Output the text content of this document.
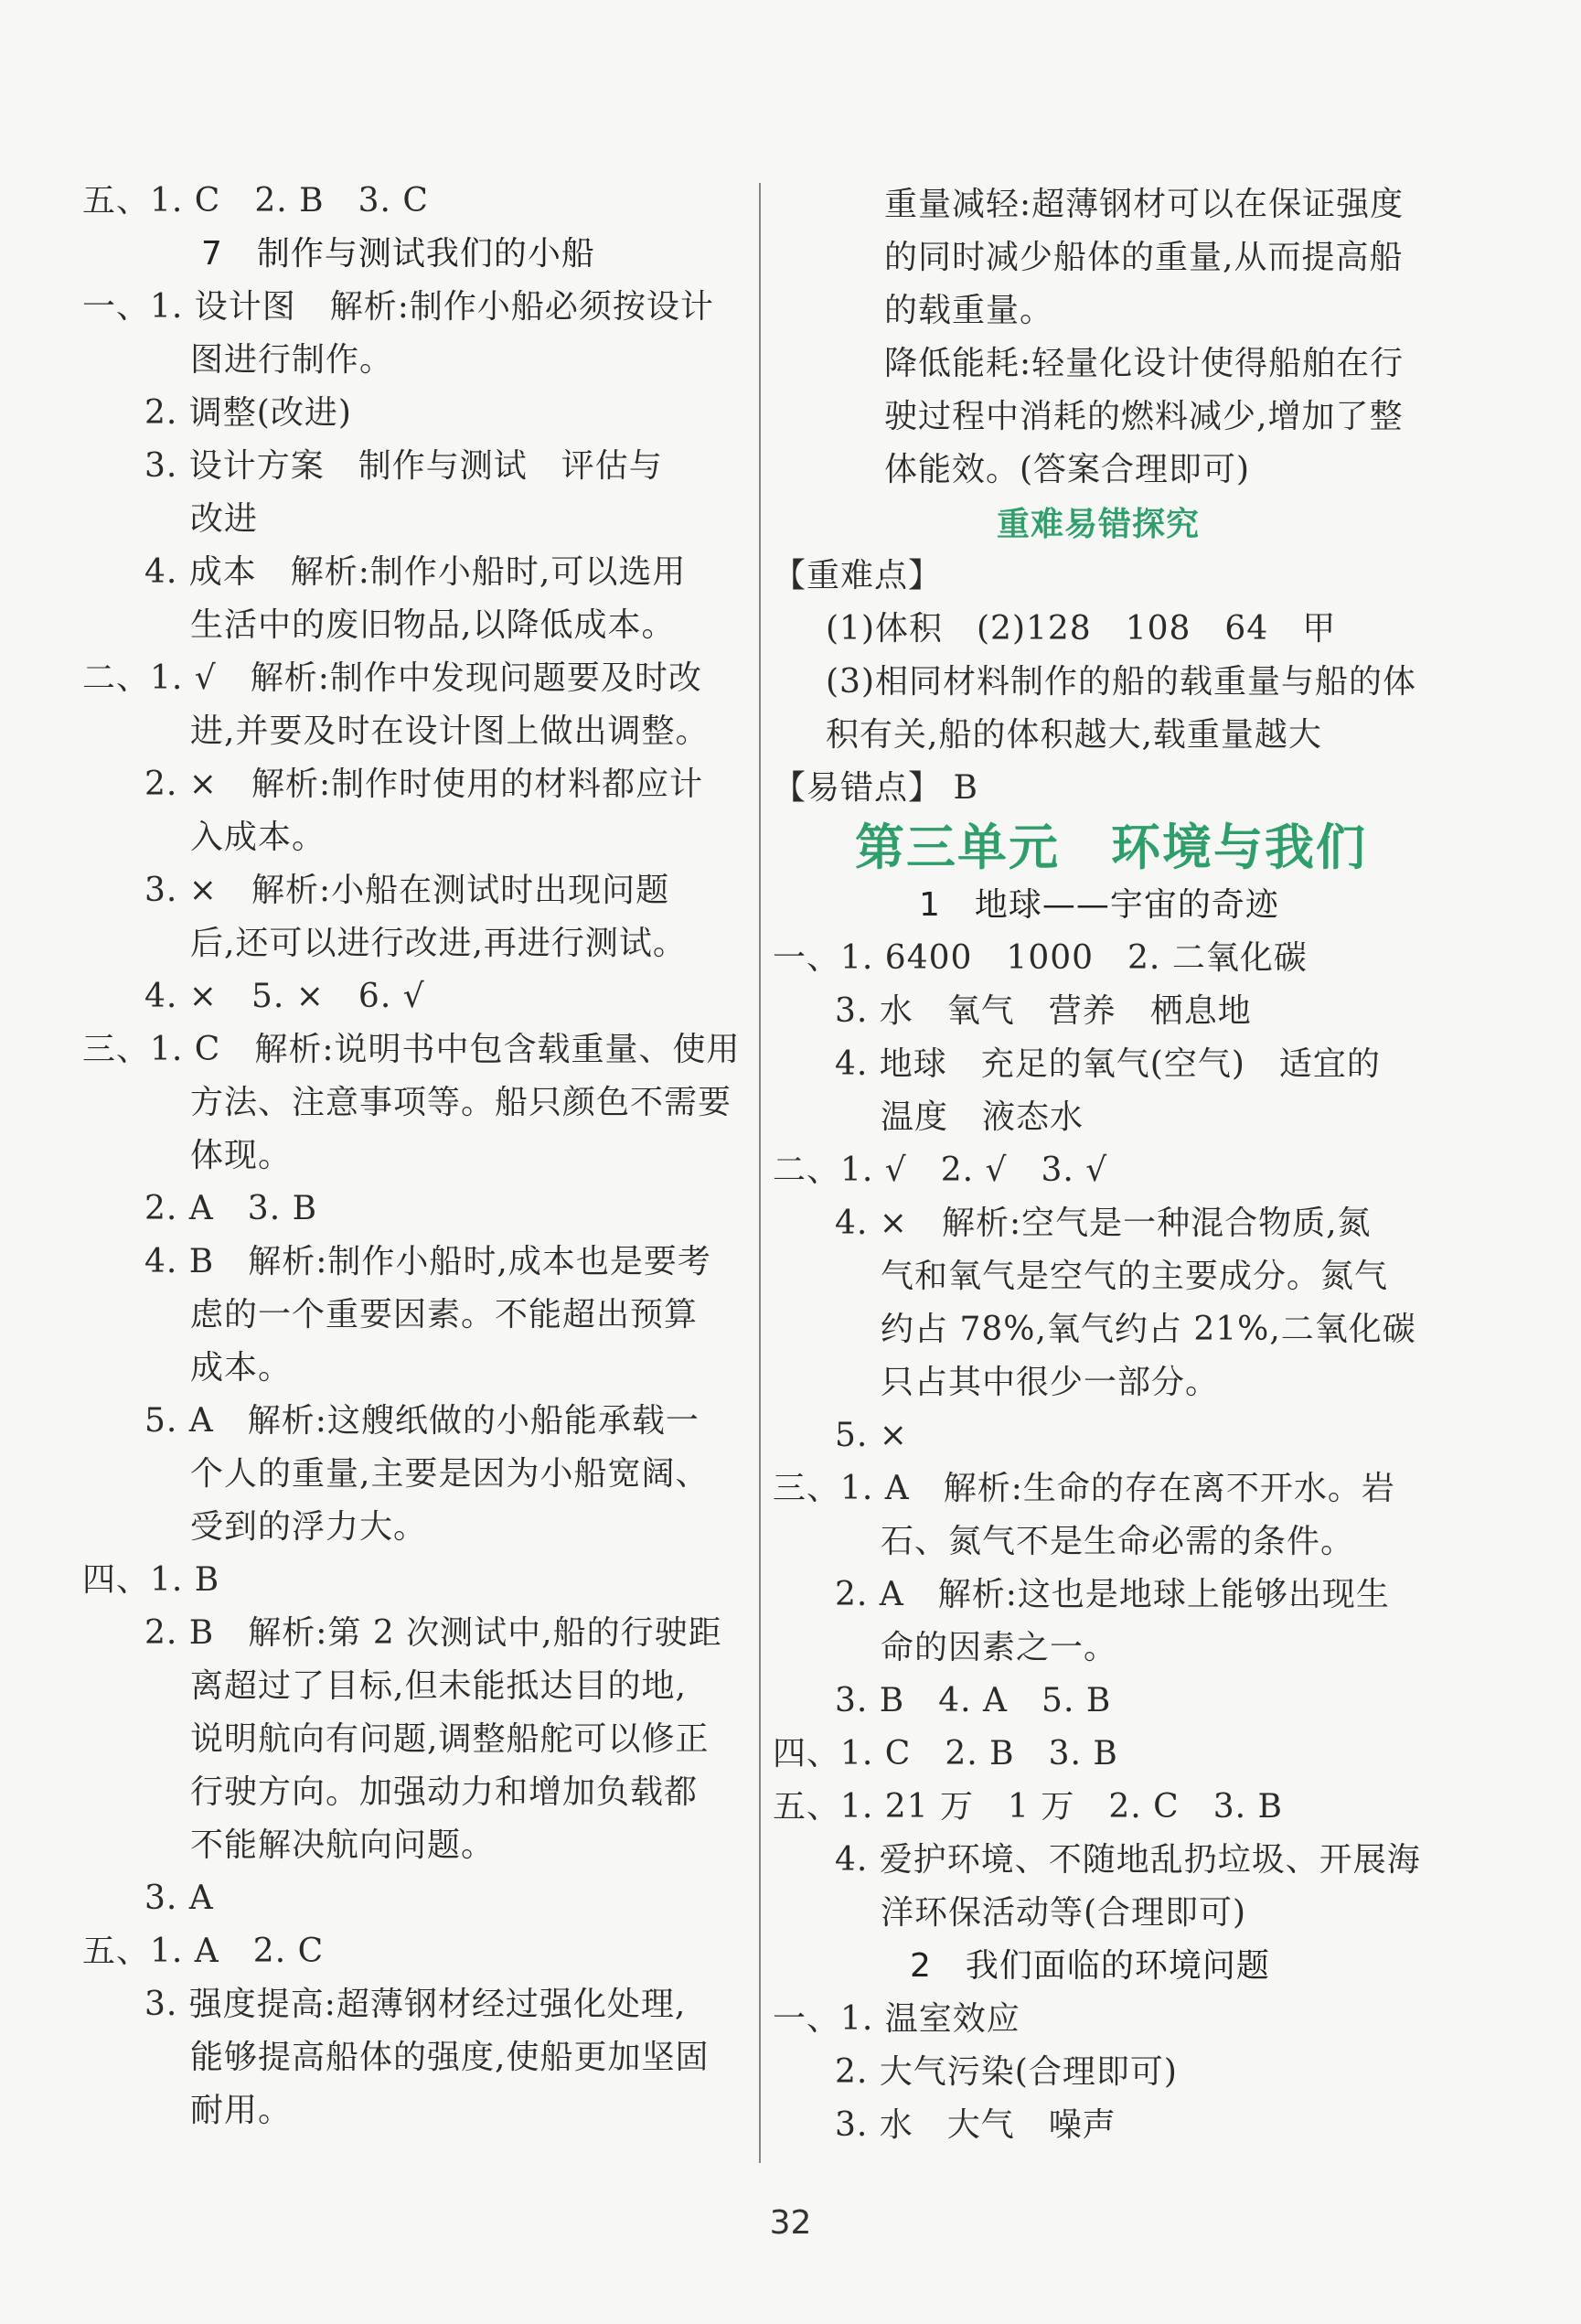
五、1. C　2. B　3. C
7　制作与测试我们的小船
一、1. 设计图　解析:制作小船必须按设计
图进行制作。
2. 调整(改进)
3. 设计方案　制作与测试　评估与
改进
4. 成本　解析:制作小船时,可以选用
生活中的废旧物品,以降低成本。
二、1. √　解析:制作中发现问题要及时改
进,并要及时在设计图上做出调整。
2. ×　解析:制作时使用的材料都应计
入成本。
3. ×　解析:小船在测试时出现问题
后,还可以进行改进,再进行测试。
4. ×　5. ×　6. √
三、1. C　解析:说明书中包含载重量、使用
方法、注意事项等。船只颜色不需要
体现。
2. A　3. B
4. B　解析:制作小船时,成本也是要考
虑的一个重要因素。不能超出预算
成本。
5. A　解析:这艘纸做的小船能承载一
个人的重量,主要是因为小船宽阔、
受到的浮力大。
四、1. B
2. B　解析:第 2 次测试中,船的行驶距
离超过了目标,但未能抵达目的地,
说明航向有问题,调整船舵可以修正
行驶方向。加强动力和增加负载都
不能解决航向问题。
3. A
五、1. A　2. C
3. 强度提高:超薄钢材经过强化处理,
能够提高船体的强度,使船更加坚固
耐用。
重量减轻:超薄钢材可以在保证强度
的同时减少船体的重量,从而提高船
的载重量。
降低能耗:轻量化设计使得船舶在行
驶过程中消耗的燃料减少,增加了整
体能效。(答案合理即可)
重难易错探究
【重难点】
(1)体积　(2)128　108　64　甲
(3)相同材料制作的船的载重量与船的体
积有关,船的体积越大,载重量越大
【易错点】 B
第三单元　环境与我们
1　地球——宇宙的奇迹
一、1. 6400　1000　2. 二氧化碳
3. 水　氧气　营养　栖息地
4. 地球　充足的氧气(空气)　适宜的
温度　液态水
二、1. √　2. √　3. √
4. ×　解析:空气是一种混合物质,氮
气和氧气是空气的主要成分。氮气
约占 78%,氧气约占 21%,二氧化碳
只占其中很少一部分。
5. ×
三、1. A　解析:生命的存在离不开水。岩
石、氮气不是生命必需的条件。
2. A　解析:这也是地球上能够出现生
命的因素之一。
3. B　4. A　5. B
四、1. C　2. B　3. B
五、1. 21 万　1 万　2. C　3. B
4. 爱护环境、不随地乱扔垃圾、开展海
洋环保活动等(合理即可)
2　我们面临的环境问题
一、1. 温室效应
2. 大气污染(合理即可)
3. 水　大气　噪声
32
